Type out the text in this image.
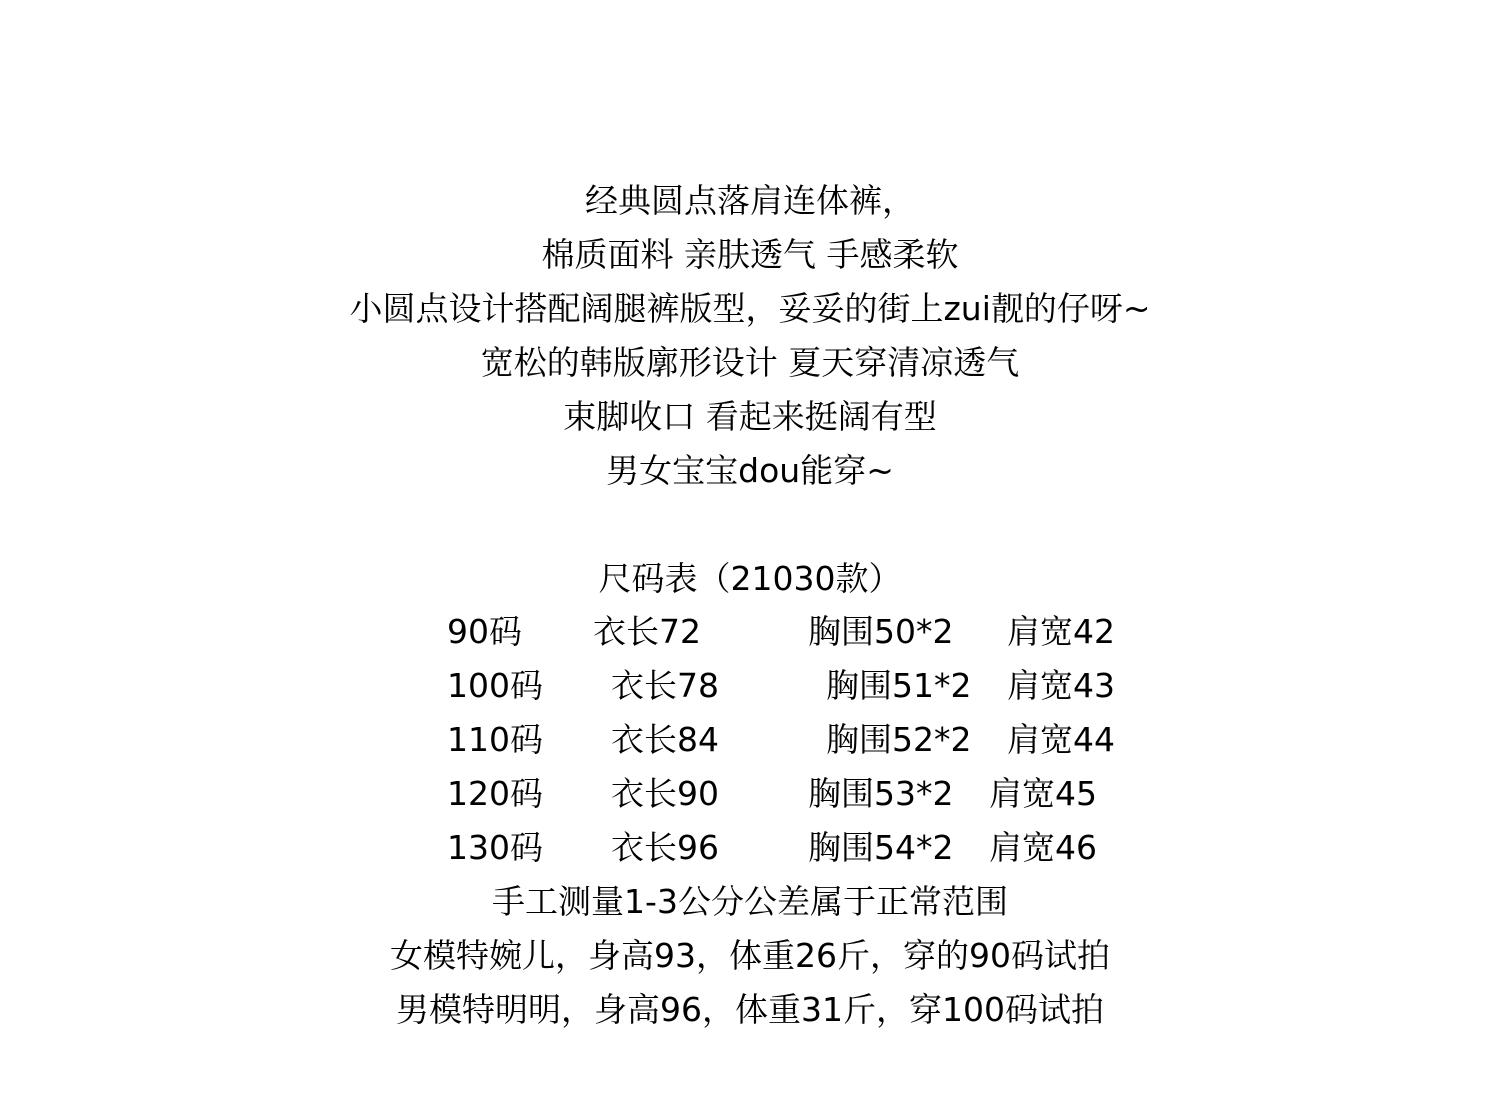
经典圆点落肩连体裤，
棉质面料 亲肤透气 手感柔软
小圆点设计搭配阔腿裤版型，妥妥的街上zui靓的仔呀~
宽松的韩版廓形设计 夏天穿清凉透气
束脚收口 看起来挺阔有型
男女宝宝dou能穿~
尺码表（21030款）
90码 衣长72	胸围50*2 肩宽42
100码 衣长78	胸围51*2 肩宽43
110码 衣长84	胸围52*2 肩宽44
120码 衣长90	胸围53*2 肩宽45
130码 衣长96	胸围54*2 肩宽46
手工测量1-3公分公差属于正常范围
女模特婉儿，身高93，体重26斤，穿的90码试拍
男模特明明，身高96，体重31斤，穿100码试拍
